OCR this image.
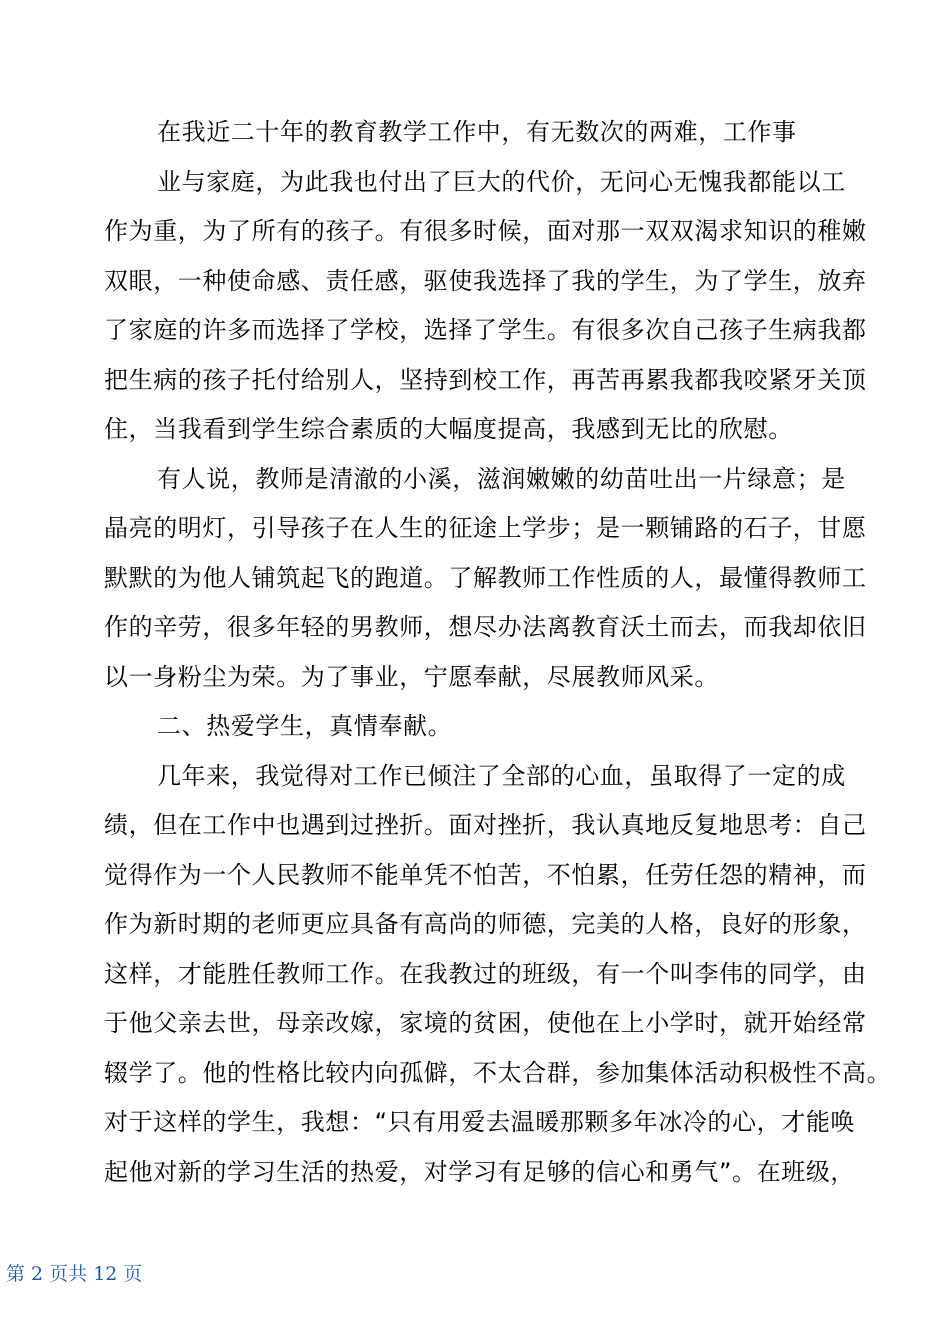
在我近二十年的教育教学工作中，有无数次的两难，工作事
业与家庭，为此我也付出了巨大的代价，无问心无愧我都能以工
作为重，为了所有的孩子。有很多时候，面对那一双双渴求知识的稚嫩
双眼，一种使命感、责任感，驱使我选择了我的学生，为了学生，放弃
了家庭的许多而选择了学校，选择了学生。有很多次自己孩子生病我都
把生病的孩子托付给别人，坚持到校工作，再苦再累我都我咬紧牙关顶
住，当我看到学生综合素质的大幅度提高，我感到无比的欣慰。
有人说，教师是清澈的小溪，滋润嫩嫩的幼苗吐出一片绿意；是
晶亮的明灯，引导孩子在人生的征途上学步；是一颗铺路的石子，甘愿
默默的为他人铺筑起飞的跑道。了解教师工作性质的人，最懂得教师工
作的辛劳，很多年轻的男教师，想尽办法离教育沃土而去，而我却依旧
以一身粉尘为荣。为了事业，宁愿奉献，尽展教师风采。
二、热爱学生，真情奉献。
几年来，我觉得对工作已倾注了全部的心血，虽取得了一定的成
绩，但在工作中也遇到过挫折。面对挫折，我认真地反复地思考：自己
觉得作为一个人民教师不能单凭不怕苦，不怕累，任劳任怨的精神，而
作为新时期的老师更应具备有高尚的师德，完美的人格，良好的形象，
这样，才能胜任教师工作。在我教过的班级，有一个叫李伟的同学，由
于他父亲去世，母亲改嫁，家境的贫困，使他在上小学时，就开始经常
辍学了。他的性格比较内向孤僻，不太合群，参加集体活动积极性不高。
对于这样的学生，我想：“只有用爱去温暖那颗多年冰冷的心，才能唤
起他对新的学习生活的热爱，对学习有足够的信心和勇气”。在班级，
第 2 页共 12 页
